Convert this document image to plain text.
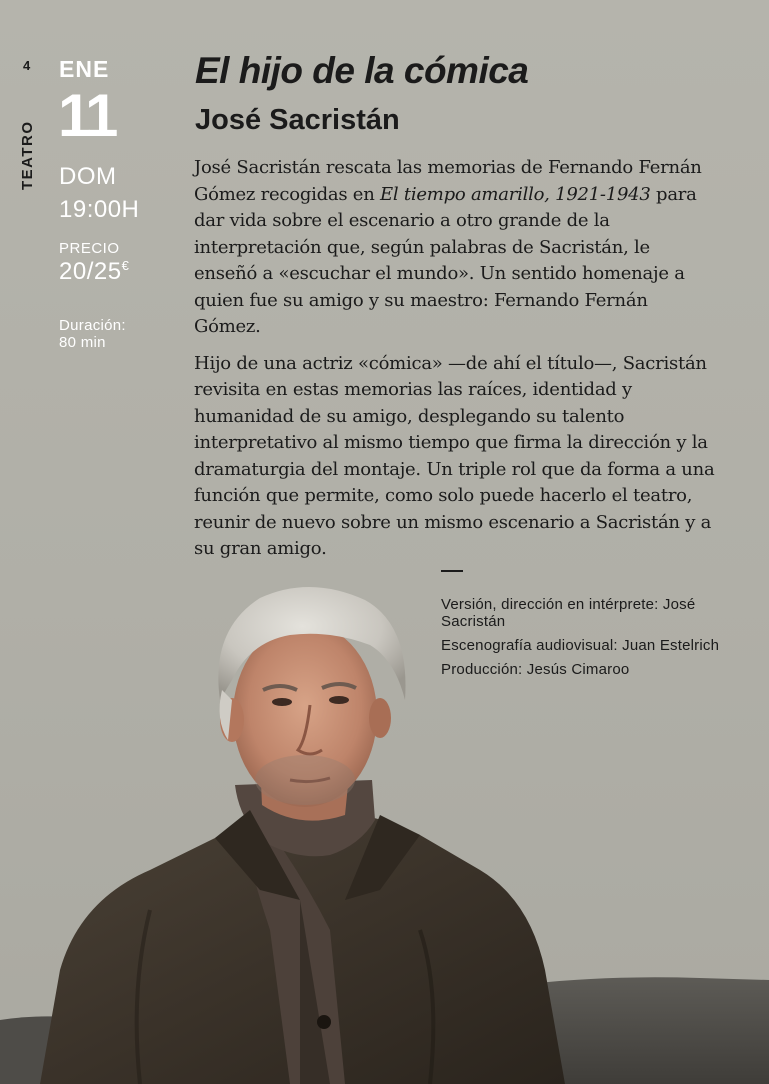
4
TEATRO
ENE
11
DOM
19:00H
PRECIO
20/25€
Duración:
80 min
El hijo de la cómica
José Sacristán

José Sacristán rescata las memorias de Fernando Fernán Gómez recogidas en El tiempo amarillo, 1921-1943 para dar vida sobre el escenario a otro grande de la interpretación que, según palabras de Sacristán, le enseñó a «escuchar el mundo». Un sentido homenaje a quien fue su amigo y su maestro: Fernando Fernán Gómez.

Hijo de una actriz «cómica» —de ahí el título—, Sacristán revisita en estas memorias las raíces, identidad y humanidad de su amigo, desplegando su talento interpretativo al mismo tiempo que firma la dirección y la dramaturgia del montaje. Un triple rol que da forma a una función que permite, como solo puede hacerlo el teatro, reunir de nuevo sobre un mismo escenario a Sacristán y a su gran amigo.

Versión, dirección en intérprete: José Sacristán
Escenografía audiovisual: Juan Estelrich
Producción: Jesús Cimaroo
